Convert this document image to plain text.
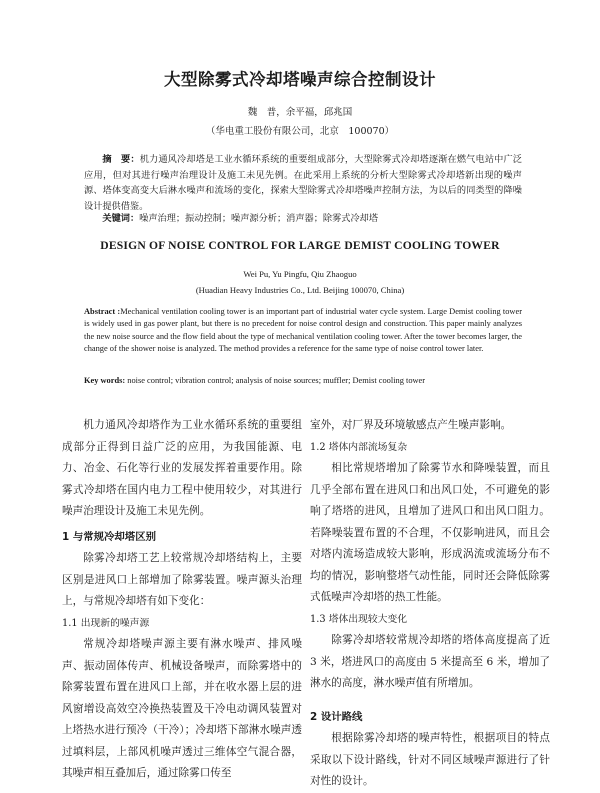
大型除雾式冷却塔噪声综合控制设计
魏　普，余平福，邱兆国
（华电重工股份有限公司，北京　100070）
摘　要：机力通风冷却塔是工业水循环系统的重要组成部分，大型除雾式冷却塔逐渐在燃气电站中广泛应用，但对其进行噪声治理设计及施工未见先例。在此采用上系统的分析大型除雾式冷却塔新出现的噪声源、塔体变高变大后淋水噪声和流场的变化，探索大型除雾式冷却塔噪声控制方法，为以后的同类型的降噪设计提供借鉴。
关键词：噪声治理；振动控制；噪声源分析；消声器；除雾式冷却塔
DESIGN OF NOISE CONTROL FOR LARGE DEMIST COOLING TOWER
Wei Pu, Yu Pingfu, Qiu Zhaoguo
(Huadian Heavy Industries Co., Ltd. Beijing 100070, China)
Abstract :Mechanical ventilation cooling tower is an important part of industrial water cycle system. Large Demist cooling tower is widely used in gas power plant, but there is no precedent for noise control design and construction. This paper mainly analyzes the new noise source and the flow field about the type of mechanical ventilation cooling tower. After the tower becomes larger, the change of the shower noise is analyzed. The method provides a reference for the same type of noise control tower later.
Key words: noise control; vibration control; analysis of noise sources; muffler; Demist cooling tower

机力通风冷却塔作为工业水循环系统的重要组成部分正得到日益广泛的应用，为我国能源、电力、冶金、石化等行业的发展发挥着重要作用。除雾式冷却塔在国内电力工程中使用较少，对其进行噪声治理设计及施工未见先例。

1 与常规冷却塔区别

除雾冷却塔工艺上较常规冷却塔结构上，主要区别是进风口上部增加了除雾装置。噪声源头治理上，与常规冷却塔有如下变化：

1.1 出现新的噪声源

常规冷却塔噪声源主要有淋水噪声、排风噪声、振动固体传声、机械设备噪声，而除雾塔中的除雾装置布置在进风口上部，并在收水器上层的进风窗增设高效空冷换热装置及干冷电动调风装置对上塔热水进行预冷（干冷）；冷却塔下部淋水噪声透过填料层，上部风机噪声透过三维体空气混合器，其噪声相互叠加后，通过除雾口传至

室外，对厂界及环境敏感点产生噪声影响。

1.2 塔体内部流场复杂

相比常规塔增加了除雾节水和降噪装置，而且几乎全部布置在进风口和出风口处，不可避免的影响了塔塔的进风，且增加了进风口和出风口阻力。若降噪装置布置的不合理，不仅影响进风，而且会对塔内流场造成较大影响，形成涡流或流场分布不均的情况，影响整塔气动性能，同时还会降低除雾式低噪声冷却塔的热工性能。

1.3 塔体出现较大变化

除雾冷却塔较常规冷却塔的塔体高度提高了近 3 米，塔进风口的高度由 5 米提高至 6 米，增加了淋水的高度，淋水噪声值有所增加。

2 设计路线

根据除雾冷却塔的噪声特性，根据项目的特点采取以下设计路线，针对不同区域噪声源进行了针对性的设计。
